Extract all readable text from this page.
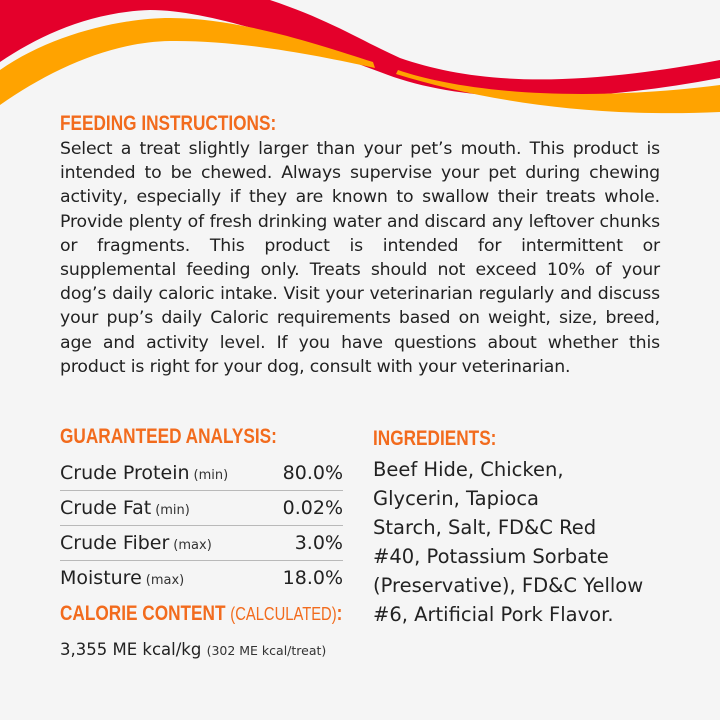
FEEDING INSTRUCTIONS:
Select a treat slightly larger than your pet’s mouth. This product is intended to be chewed. Always supervise your pet during chewing activity, especially if they are known to swallow their treats whole. Provide plenty of fresh drinking water and discard any leftover chunks or fragments. This product is intended for intermittent or supplemental feeding only. Treats should not exceed 10% of your dog’s daily caloric intake. Visit your veterinarian regularly and discuss your pup’s daily Caloric requirements based on weight, size, breed, age and activity level. If you have questions about whether this product is right for your dog, consult with your veterinarian.
GUARANTEED ANALYSIS:
Crude Protein (min)	80.0%
Crude Fat (min)	0.02%
Crude Fiber (max)	3.0%
Moisture (max)	18.0%
CALORIE CONTENT (CALCULATED):
3,355 ME kcal/kg (302 ME kcal/treat)
INGREDIENTS:
Beef Hide, Chicken,
Glycerin, Tapioca
Starch, Salt, FD&C Red
#40, Potassium Sorbate
(Preservative), FD&C Yellow
#6, Artificial Pork Flavor.
